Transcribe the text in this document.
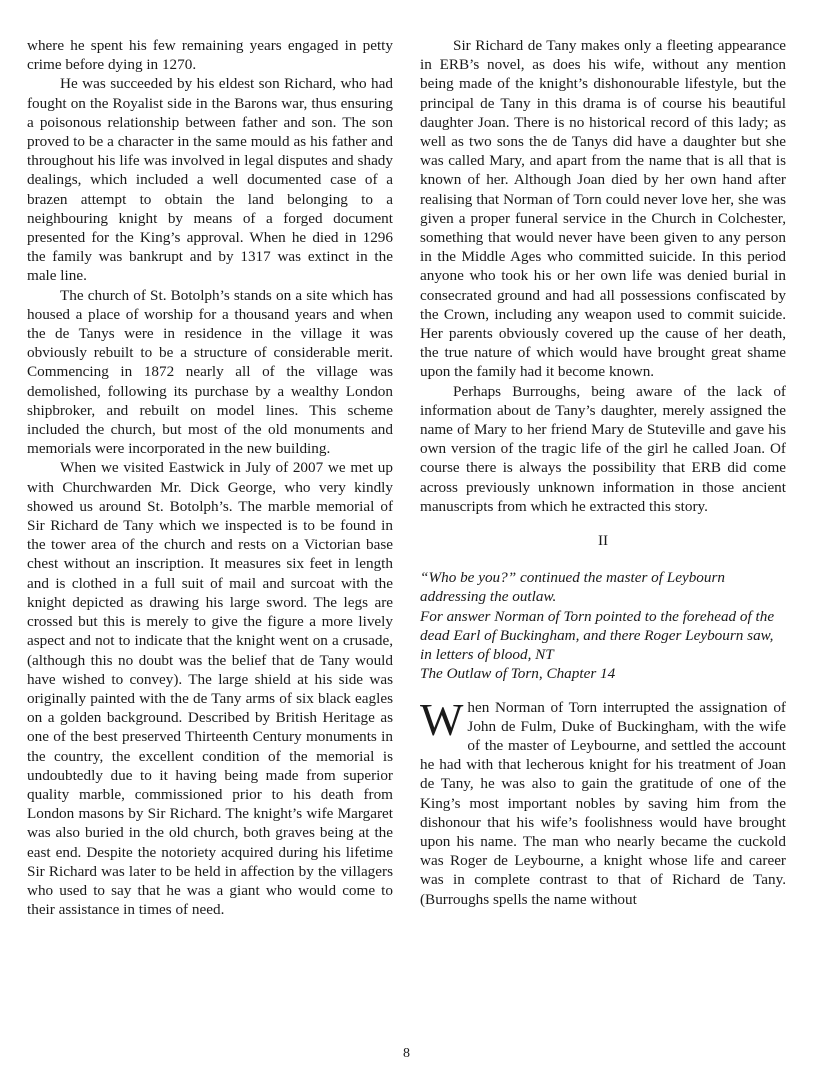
where he spent his few remaining years engaged in petty crime before dying in 1270.

He was succeeded by his eldest son Richard, who had fought on the Royalist side in the Barons war, thus ensuring a poisonous relationship between father and son. The son proved to be a character in the same mould as his father and throughout his life was involved in legal disputes and shady dealings, which included a well documented case of a brazen attempt to obtain the land belonging to a neighbouring knight by means of a forged document presented for the King’s approval. When he died in 1296 the family was bankrupt and by 1317 was extinct in the male line.

The church of St. Botolph’s stands on a site which has housed a place of worship for a thousand years and when the de Tanys were in residence in the village it was obviously rebuilt to be a structure of considerable merit. Commencing in 1872 nearly all of the village was demolished, following its purchase by a wealthy London shipbroker, and rebuilt on model lines. This scheme included the church, but most of the old monuments and memorials were incorporated in the new building.

When we visited Eastwick in July of 2007 we met up with Churchwarden Mr. Dick George, who very kindly showed us around St. Botolph’s. The marble memorial of Sir Richard de Tany which we inspected is to be found in the tower area of the church and rests on a Victorian base chest without an inscription. It measures six feet in length and is clothed in a full suit of mail and surcoat with the knight depicted as drawing his large sword. The legs are crossed but this is merely to give the figure a more lively aspect and not to indicate that the knight went on a crusade, (although this no doubt was the belief that de Tany would have wished to convey). The large shield at his side was originally painted with the de Tany arms of six black eagles on a golden background. Described by British Heritage as one of the best preserved Thirteenth Century monuments in the country, the excellent condition of the memorial is undoubtedly due to it having being made from superior quality marble, commissioned prior to his death from London masons by Sir Richard. The knight’s wife Margaret was also buried in the old church, both graves being at the east end. Despite the notoriety acquired during his lifetime Sir Richard was later to be held in affection by the villagers who used to say that he was a giant who would come to their assistance in times of need.

Sir Richard de Tany makes only a fleeting appearance in ERB’s novel, as does his wife, without any mention being made of the knight’s dishonourable lifestyle, but the principal de Tany in this drama is of course his beautiful daughter Joan. There is no historical record of this lady; as well as two sons the de Tanys did have a daughter but she was called Mary, and apart from the name that is all that is known of her. Although Joan died by her own hand after realising that Norman of Torn could never love her, she was given a proper funeral service in the Church in Colchester, something that would never have been given to any person in the Middle Ages who committed suicide. In this period anyone who took his or her own life was denied burial in consecrated ground and had all possessions confiscated by the Crown, including any weapon used to commit suicide. Her parents obviously covered up the cause of her death, the true nature of which would have brought great shame upon the family had it become known.

Perhaps Burroughs, being aware of the lack of information about de Tany’s daughter, merely assigned the name of Mary to her friend Mary de Stuteville and gave his own version of the tragic life of the girl he called Joan. Of course there is always the possibility that ERB did come across previously unknown information in those ancient manuscripts from which he extracted this story.

II

“Who be you?” continued the master of Leybourn addressing the outlaw.

For answer Norman of Torn pointed to the forehead of the dead Earl of Buckingham, and there Roger Leybourn saw, in letters of blood, NT

The Outlaw of Torn, Chapter 14

When Norman of Torn interrupted the assignation of John de Fulm, Duke of Buckingham, with the wife of the master of Leybourne, and settled the account he had with that lecherous knight for his treatment of Joan de Tany, he was also to gain the gratitude of one of the King’s most important nobles by saving him from the dishonour that his wife’s foolishness would have brought upon his name. The man who nearly became the cuckold was Roger de Leybourne, a knight whose life and career was in complete contrast to that of Richard de Tany. (Burroughs spells the name without

8
